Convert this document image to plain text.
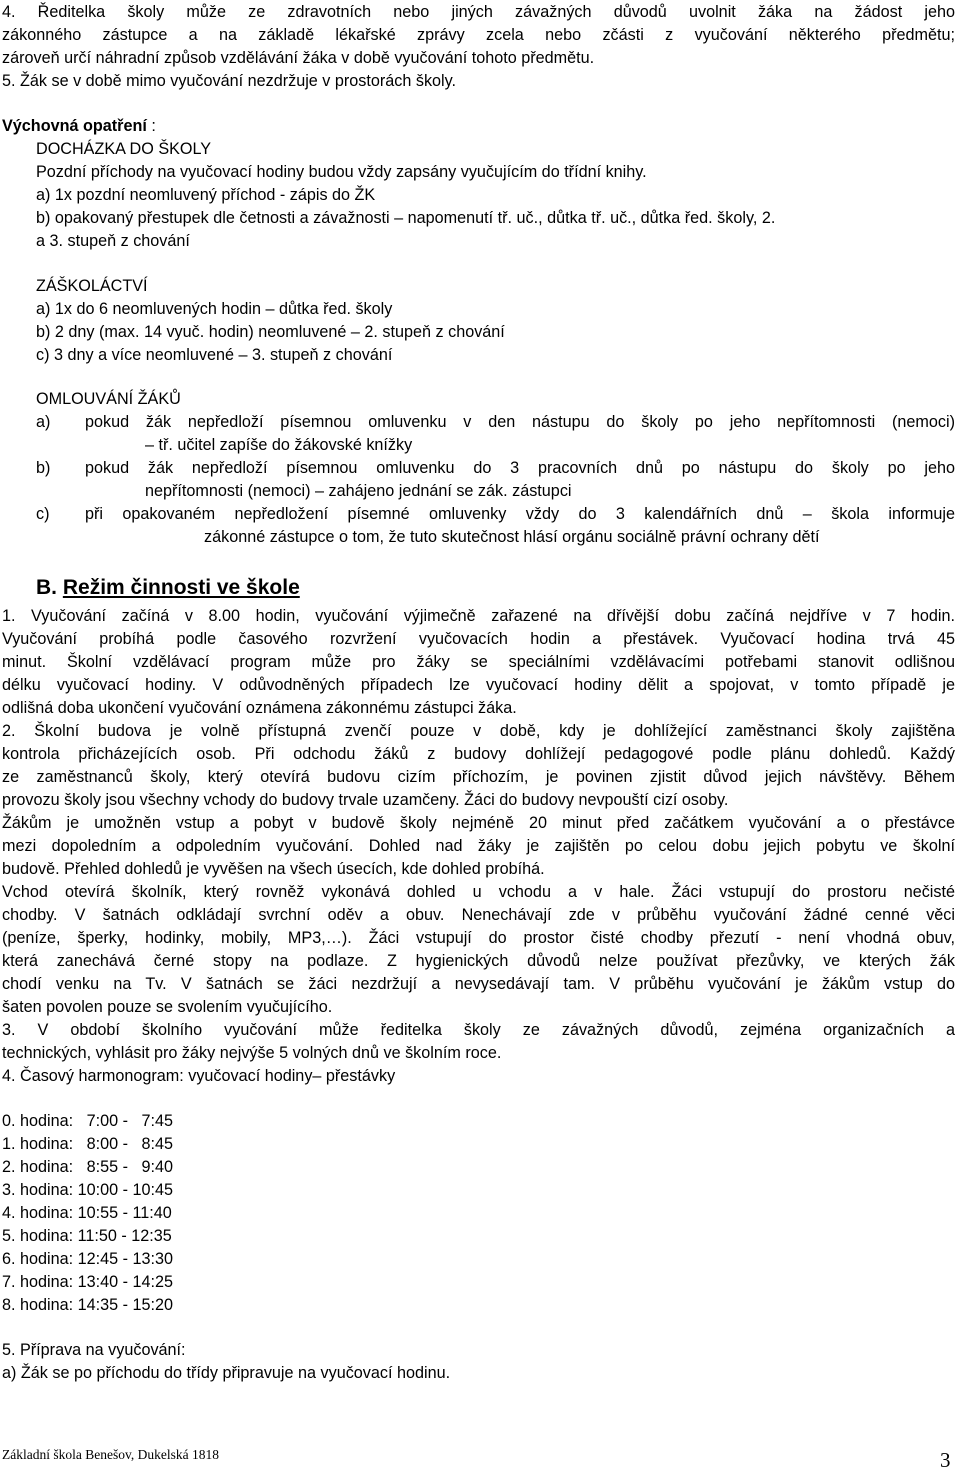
4. Ředitelka školy může ze zdravotních nebo jiných závažných důvodů uvolnit žáka na žádost jeho
zákonného zástupce a na základě lékařské zprávy zcela nebo zčásti z vyučování některého předmětu;
zároveň určí náhradní způsob vzdělávání žáka v době vyučování tohoto předmětu.
5. Žák se v době mimo vyučování nezdržuje v prostorách školy.
Výchovná opatření :
DOCHÁZKA DO ŠKOLY
Pozdní příchody na vyučovací hodiny budou vždy zapsány vyučujícím do třídní knihy.
a) 1x pozdní neomluvený příchod - zápis do ŽK
b) opakovaný přestupek dle četnosti a závažnosti – napomenutí tř. uč., důtka tř. uč., důtka řed. školy, 2.
a 3. stupeň z chování
ZÁŠKOLÁCTVÍ
a) 1x do 6 neomluvených hodin – důtka řed. školy
b) 2 dny (max. 14 vyuč. hodin) neomluvené – 2. stupeň z chování
c) 3 dny a více neomluvené – 3. stupeň z chování
OMLOUVÁNÍ ŽÁKŮ
a) pokud žák nepředloží písemnou omluvenku v den nástupu do školy po jeho nepřítomnosti (nemoci)
– tř. učitel zapíše do žákovské knížky
b) pokud žák nepředloží písemnou omluvenku do 3 pracovních dnů po nástupu do školy po jeho
nepřítomnosti (nemoci) – zahájeno jednání se zák. zástupci
c) při opakovaném nepředložení písemné omluvenky vždy do 3 kalendářních dnů – škola informuje
zákonné zástupce o tom, že tuto skutečnost hlásí orgánu sociálně právní ochrany dětí
B. Režim činnosti ve škole
1. Vyučování začíná v 8.00 hodin, vyučování výjimečně zařazené na dřívější dobu začíná nejdříve v 7 hodin.
Vyučování probíhá podle časového rozvržení vyučovacích hodin a přestávek. Vyučovací hodina trvá 45
minut. Školní vzdělávací program může pro žáky se speciálními vzdělávacími potřebami stanovit odlišnou
délku vyučovací hodiny. V odůvodněných případech lze vyučovací hodiny dělit a spojovat, v tomto případě je
odlišná doba ukončení vyučování oznámena zákonnému zástupci žáka.
2. Školní budova je volně přístupná zvenčí pouze v době, kdy je dohlížející zaměstnanci školy zajištěna
kontrola přicházejících osob. Při odchodu žáků z budovy dohlížejí pedagogové podle plánu dohledů. Každý
ze zaměstnanců školy, který otevírá budovu cizím příchozím, je povinen zjistit důvod jejich návštěvy. Během
provozu školy jsou všechny vchody do budovy trvale uzamčeny. Žáci do budovy nevpouští cizí osoby.
Žákům je umožněn vstup a pobyt v budově školy nejméně 20 minut před začátkem vyučování a o přestávce
mezi dopoledním a odpoledním vyučování. Dohled nad žáky je zajištěn po celou dobu jejich pobytu ve školní
budově. Přehled dohledů je vyvěšen na všech úsecích, kde dohled probíhá.
Vchod otevírá školník, který rovněž vykonává dohled u vchodu a v hale. Žáci vstupují do prostoru nečisté
chodby. V šatnách odkládají svrchní oděv a obuv. Nenechávají zde v průběhu vyučování žádné cenné věci
(peníze, šperky, hodinky, mobily, MP3,…). Žáci vstupují do prostor čisté chodby přezutí - není vhodná obuv,
která zanechává černé stopy na podlaze. Z hygienických důvodů nelze používat přezůvky, ve kterých žák
chodí venku na Tv. V šatnách se žáci nezdržují a nevysedávají tam. V průběhu vyučování je žákům vstup do
šaten povolen pouze se svolením vyučujícího.
3. V období školního vyučování může ředitelka školy ze závažných důvodů, zejména organizačních a
technických, vyhlásit pro žáky nejvýše 5 volných dnů ve školním roce.
4. Časový harmonogram: vyučovací hodiny– přestávky
0. hodina:   7:00 -   7:45
1. hodina:   8:00 -   8:45
2. hodina:   8:55 -   9:40
3. hodina: 10:00 - 10:45
4. hodina: 10:55 - 11:40
5. hodina: 11:50 - 12:35
6. hodina: 12:45 - 13:30
7. hodina: 13:40 - 14:25
8. hodina: 14:35 - 15:20
5. Příprava na vyučování:
a) Žák se po příchodu do třídy připravuje na vyučovací hodinu.
Základní škola Benešov, Dukelská 1818	3
